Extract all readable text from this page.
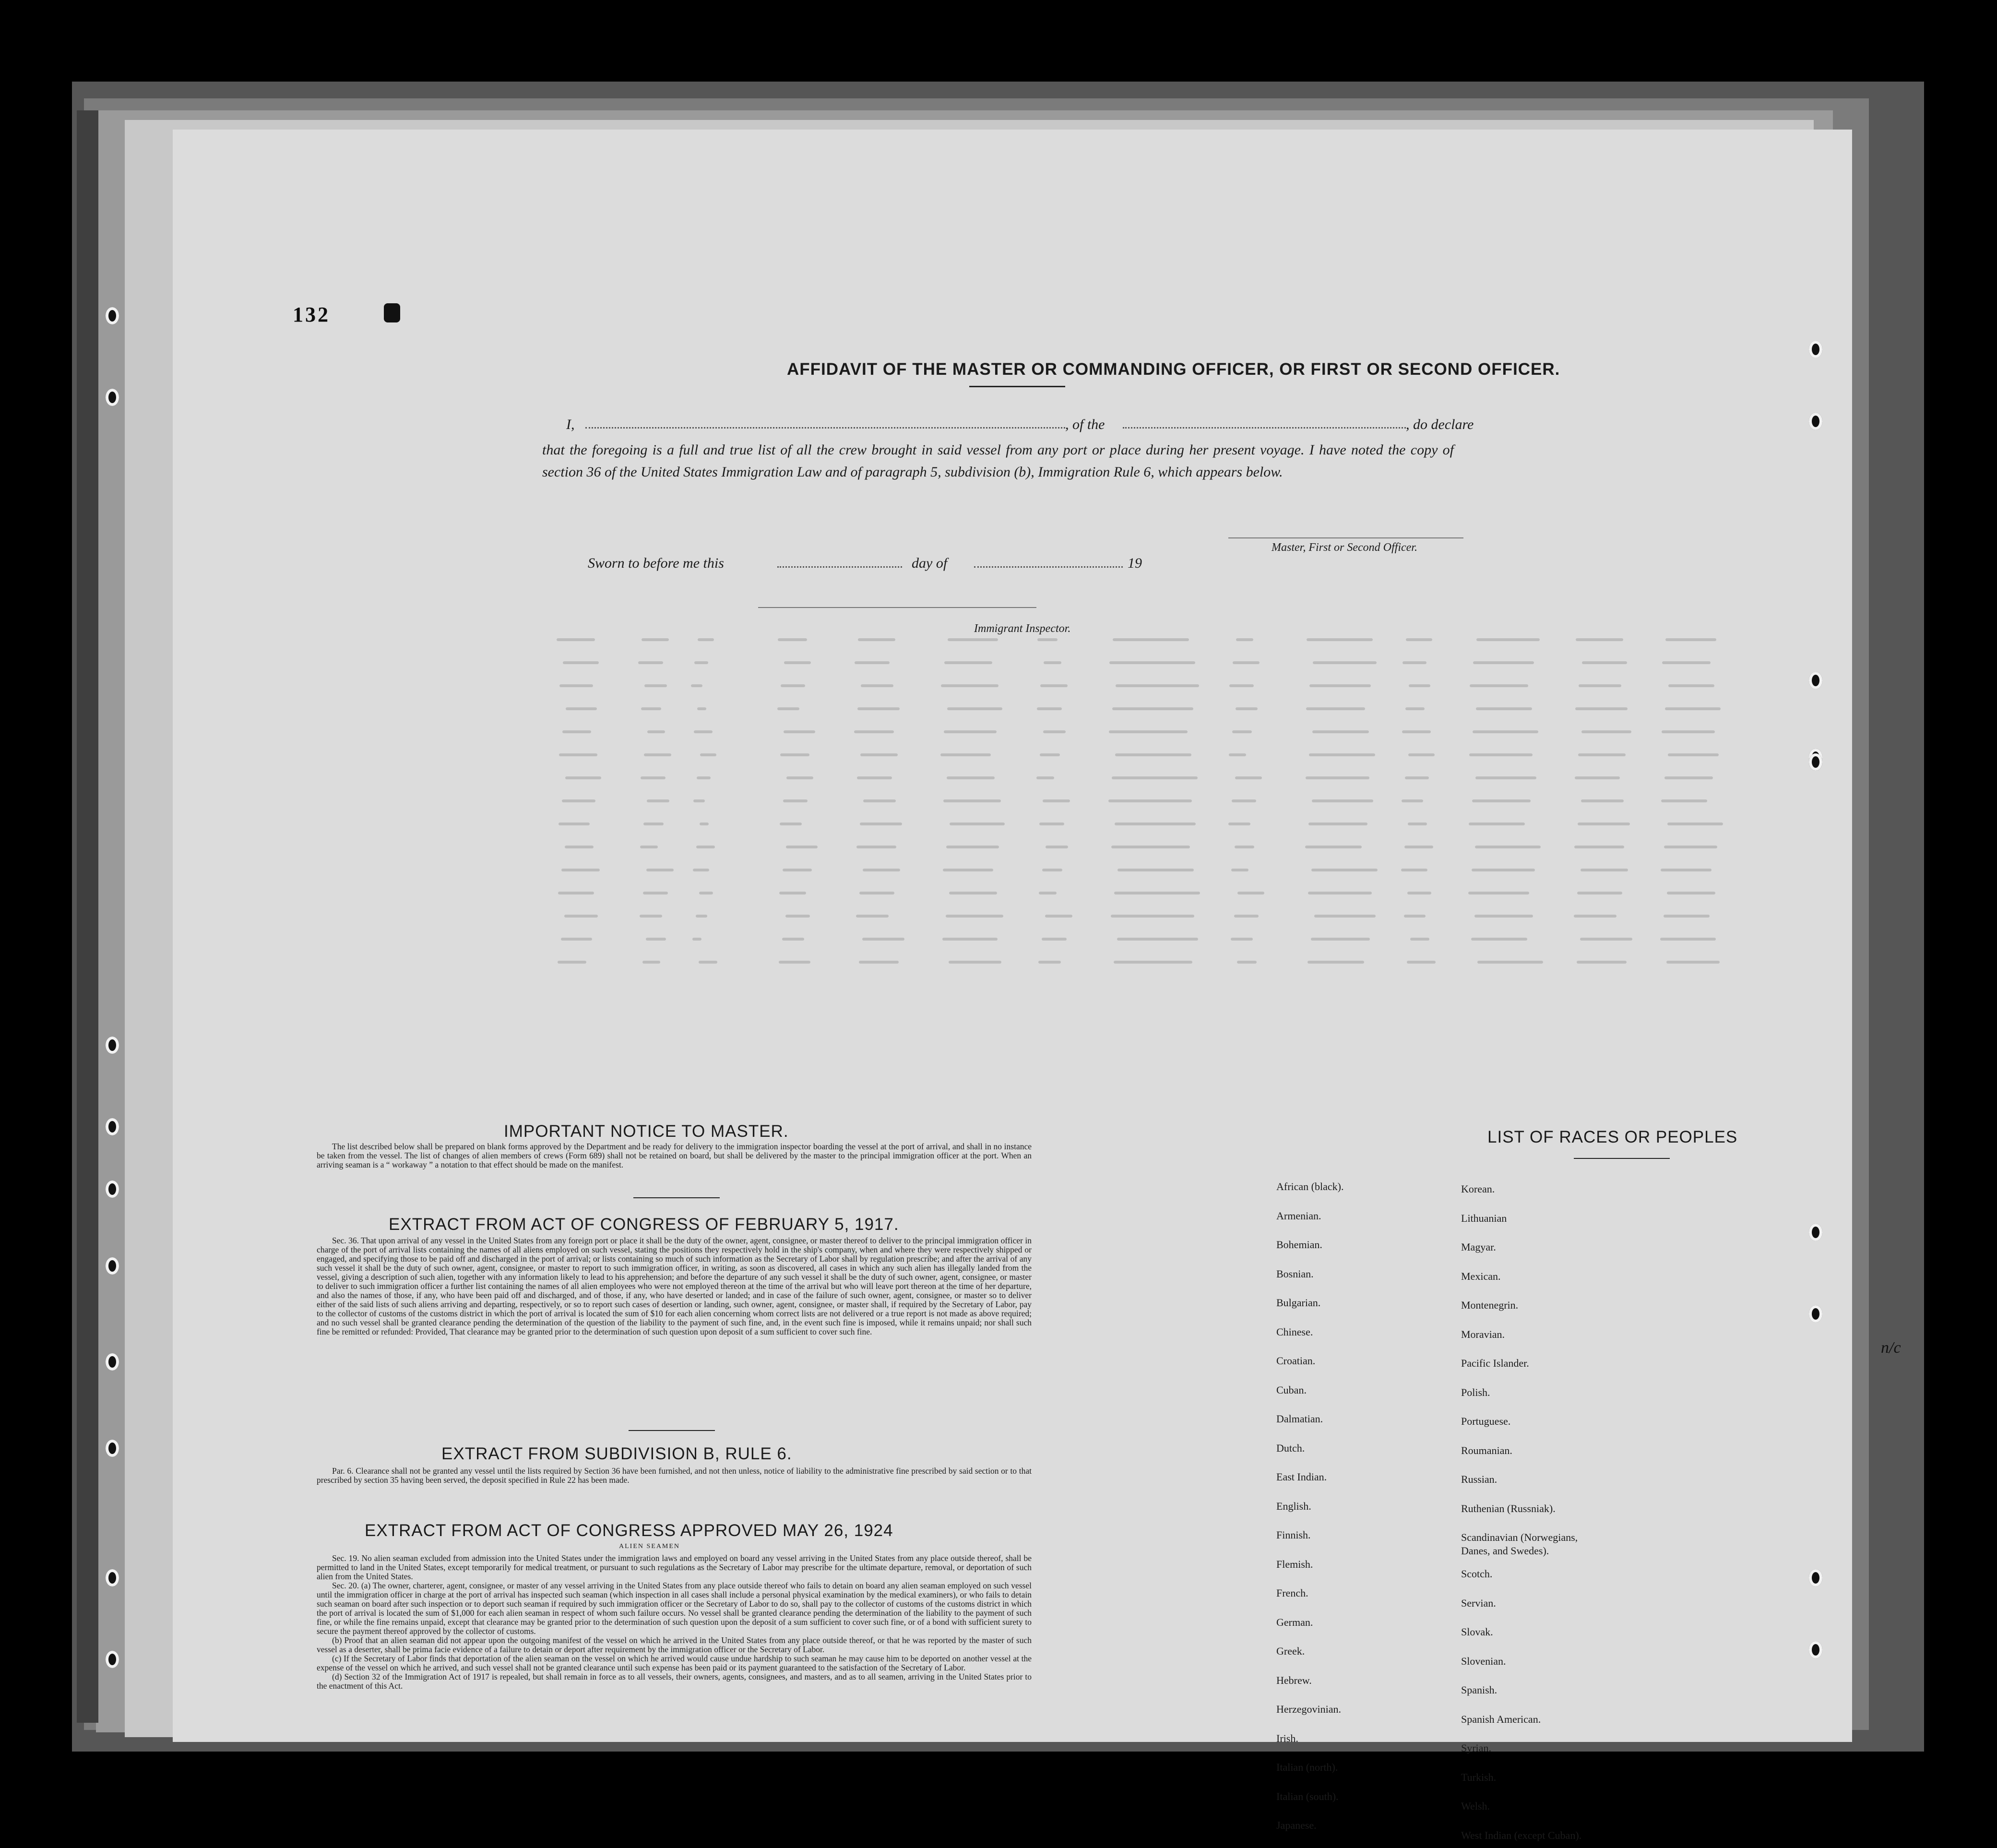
132
AFFIDAVIT OF THE MASTER OR COMMANDING OFFICER, OR FIRST OR SECOND OFFICER.
I,	, of the	, do declare
that the foregoing is a full and true list of all the crew brought in said vessel from any port or place during her present voyage. I have noted the copy of section 36 of the United States Immigration Law and of paragraph 5, subdivision (b), Immigration Rule 6, which appears below.
Master, First or Second Officer.
Sworn to before me this	day of	19
Immigrant Inspector.
IMPORTANT NOTICE TO MASTER.

The list described below shall be prepared on blank forms approved by the Department and be ready for delivery to the immigration inspector boarding the vessel at the port of arrival, and shall in no instance be taken from the vessel. The list of changes of alien members of crews (Form 689) shall not be retained on board, but shall be delivered by the master to the principal immigration officer at the port. When an arriving seaman is a “ workaway ” a notation to that effect should be made on the manifest.

EXTRACT FROM ACT OF CONGRESS OF FEBRUARY 5, 1917.

Sec. 36. That upon arrival of any vessel in the United States from any foreign port or place it shall be the duty of the owner, agent, consignee, or master thereof to deliver to the principal immigration officer in charge of the port of arrival lists containing the names of all aliens employed on such vessel, stating the positions they respectively hold in the ship's company, when and where they were respectively shipped or engaged, and specifying those to be paid off and discharged in the port of arrival; or lists containing so much of such information as the Secretary of Labor shall by regulation prescribe; and after the arrival of any such vessel it shall be the duty of such owner, agent, consignee, or master to report to such immigration officer, in writing, as soon as discovered, all cases in which any such alien has illegally landed from the vessel, giving a description of such alien, together with any information likely to lead to his apprehension; and before the departure of any such vessel it shall be the duty of such owner, agent, consignee, or master to deliver to such immigration officer a further list containing the names of all alien employees who were not employed thereon at the time of the arrival but who will leave port thereon at the time of her departure, and also the names of those, if any, who have been paid off and discharged, and of those, if any, who have deserted or landed; and in case of the failure of such owner, agent, consignee, or master so to deliver either of the said lists of such aliens arriving and departing, respectively, or so to report such cases of desertion or landing, such owner, agent, consignee, or master shall, if required by the Secretary of Labor, pay to the collector of customs of the customs district in which the port of arrival is located the sum of $10 for each alien concerning whom correct lists are not delivered or a true report is not made as above required; and no such vessel shall be granted clearance pending the determination of the question of the liability to the payment of such fine, and, in the event such fine is imposed, while it remains unpaid; nor shall such fine be remitted or refunded: Provided, That clearance may be granted prior to the determination of such question upon deposit of a sum sufficient to cover such fine.

EXTRACT FROM SUBDIVISION B, RULE 6.

Par. 6. Clearance shall not be granted any vessel until the lists required by Section 36 have been furnished, and not then unless, notice of liability to the administrative fine prescribed by said section or to that prescribed by section 35 having been served, the deposit specified in Rule 22 has been made.

EXTRACT FROM ACT OF CONGRESS APPROVED MAY 26, 1924
ALIEN SEAMEN

Sec. 19. No alien seaman excluded from admission into the United States under the immigration laws and employed on board any vessel arriving in the United States from any place outside thereof, shall be permitted to land in the United States, except temporarily for medical treatment, or pursuant to such regulations as the Secretary of Labor may prescribe for the ultimate departure, removal, or deportation of such alien from the United States.

Sec. 20. (a) The owner, charterer, agent, consignee, or master of any vessel arriving in the United States from any place outside thereof who fails to detain on board any alien seaman employed on such vessel until the immigration officer in charge at the port of arrival has inspected such seaman (which inspection in all cases shall include a personal physical examination by the medical examiners), or who fails to detain such seaman on board after such inspection or to deport such seaman if required by such immigration officer or the Secretary of Labor to do so, shall pay to the collector of customs of the customs district in which the port of arrival is located the sum of $1,000 for each alien seaman in respect of whom such failure occurs. No vessel shall be granted clearance pending the determination of the liability to the payment of such fine, or while the fine remains unpaid, except that clearance may be granted prior to the determination of such question upon the deposit of a sum sufficient to cover such fine, or of a bond with sufficient surety to secure the payment thereof approved by the collector of customs.

(b) Proof that an alien seaman did not appear upon the outgoing manifest of the vessel on which he arrived in the United States from any place outside thereof, or that he was reported by the master of such vessel as a deserter, shall be prima facie evidence of a failure to detain or deport after requirement by the immigration officer or the Secretary of Labor.

(c) If the Secretary of Labor finds that deportation of the alien seaman on the vessel on which he arrived would cause undue hardship to such seaman he may cause him to be deported on another vessel at the expense of the vessel on which he arrived, and such vessel shall not be granted clearance until such expense has been paid or its payment guaranteed to the satisfaction of the Secretary of Labor.

(d) Section 32 of the Immigration Act of 1917 is repealed, but shall remain in force as to all vessels, their owners, agents, consignees, and masters, and as to all seamen, arriving in the United States prior to the enactment of this Act.

LIST OF RACES OR PEOPLES
African (black).
Armenian.
Bohemian.
Bosnian.
Bulgarian.
Chinese.
Croatian.
Cuban.
Dalmatian.
Dutch.
East Indian.
English.
Finnish.
Flemish.
French.
German.
Greek.
Hebrew.
Herzegovinian.
Irish.
Italian (north).
Italian (south).
Japanese.
Korean.
Lithuanian
Magyar.
Mexican.
Montenegrin.
Moravian.
Pacific Islander.
Polish.
Portuguese.
Roumanian.
Russian.
Ruthenian (Russniak).
Scandinavian (Norwegians,
Danes, and Swedes).
Scotch.
Servian.
Slovak.
Slovenian.
Spanish.
Spanish American.
Syrian.
Turkish.
Welsh.
West Indian (except Cuban).
n/c
